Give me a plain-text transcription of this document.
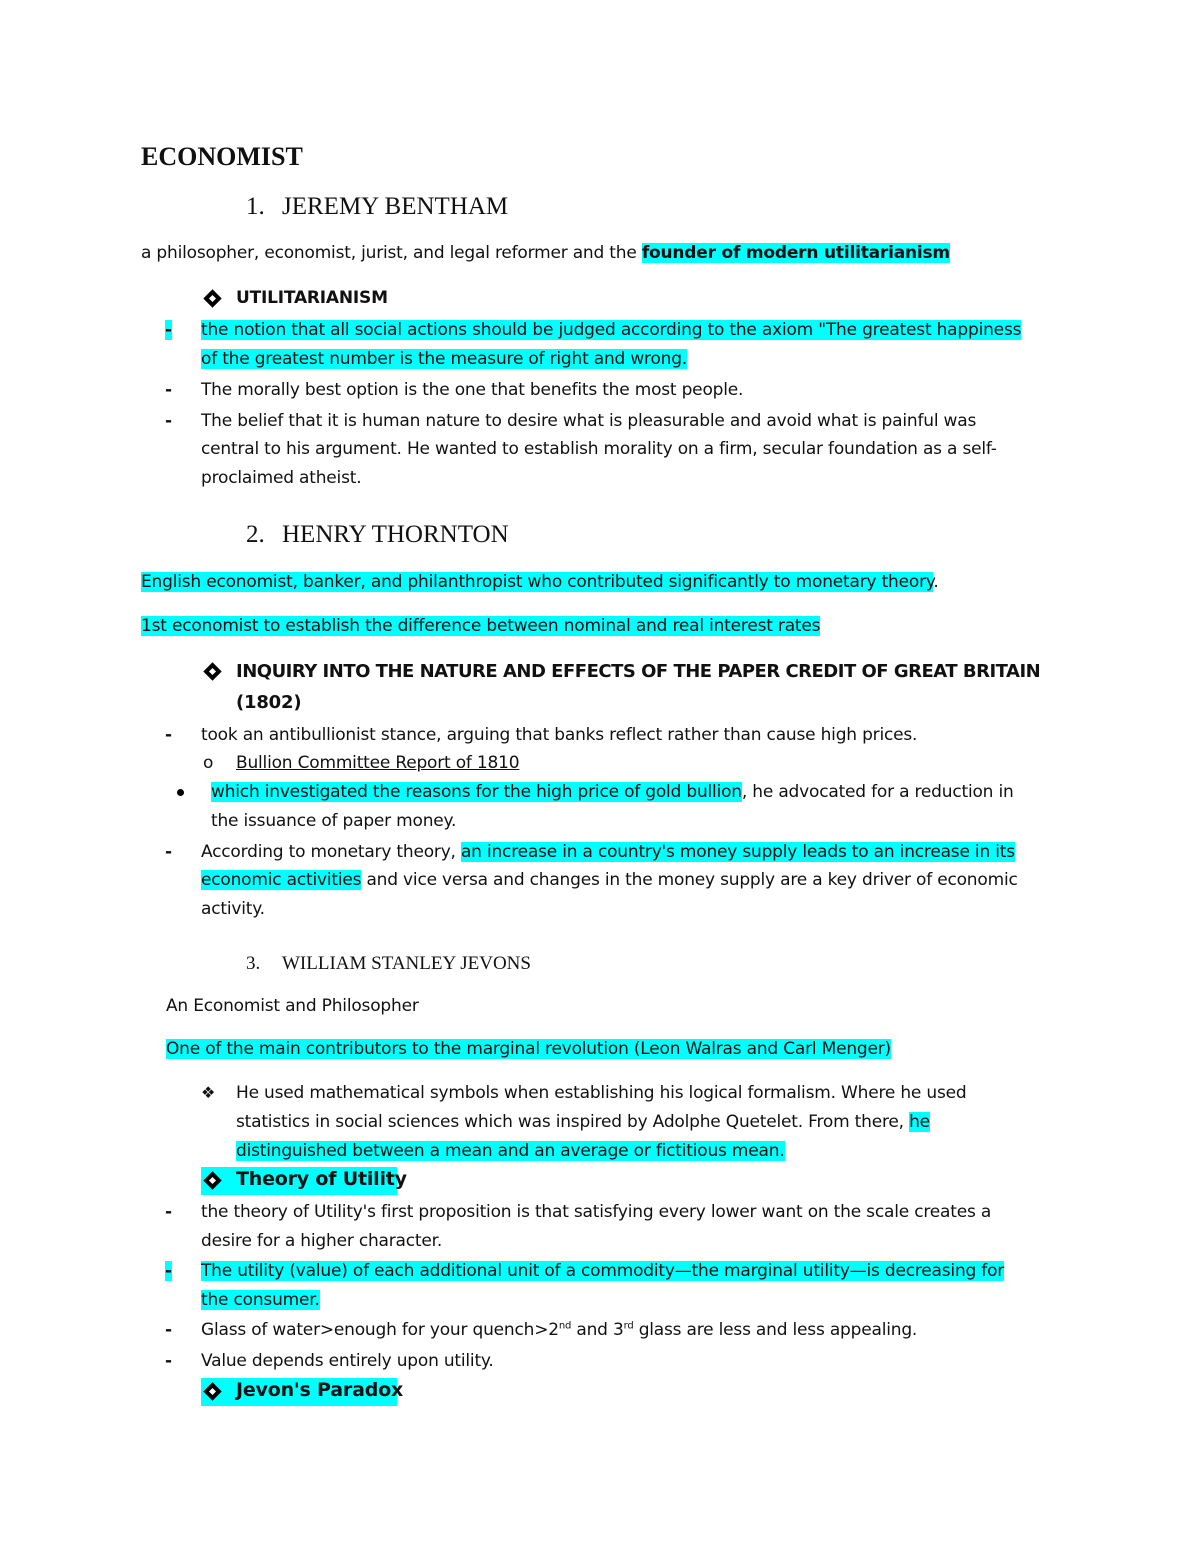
ECONOMIST
1. JEREMY BENTHAM
a philosopher, economist, jurist, and legal reformer and the founder of modern utilitarianism
UTILITARIANISM
- the notion that all social actions should be judged according to the axiom "The greatest happiness
of the greatest number is the measure of right and wrong.
- The morally best option is the one that benefits the most people.
- The belief that it is human nature to desire what is pleasurable and avoid what is painful was
central to his argument. He wanted to establish morality on a firm, secular foundation as a self-
proclaimed atheist.
2. HENRY THORNTON
English economist, banker, and philanthropist who contributed significantly to monetary theory.
1st economist to establish the difference between nominal and real interest rates
INQUIRY INTO THE NATURE AND EFFECTS OF THE PAPER CREDIT OF GREAT BRITAIN
(1802)
- took an antibullionist stance, arguing that banks reflect rather than cause high prices.
o Bullion Committee Report of 1810
which investigated the reasons for the high price of gold bullion, he advocated for a reduction in
the issuance of paper money.
- According to monetary theory, an increase in a country's money supply leads to an increase in its
economic activities and vice versa and changes in the money supply are a key driver of economic
activity.
3. WILLIAM STANLEY JEVONS
An Economist and Philosopher
One of the main contributors to the marginal revolution (Leon Walras and Carl Menger)
❖ He used mathematical symbols when establishing his logical formalism. Where he used
statistics in social sciences which was inspired by Adolphe Quetelet. From there, he
distinguished between a mean and an average or fictitious mean.
Theory of Utility
- the theory of Utility's first proposition is that satisfying every lower want on the scale creates a
desire for a higher character.
- The utility (value) of each additional unit of a commodity—the marginal utility—is decreasing for
the consumer.
- Glass of water>enough for your quench>2nd and 3rd glass are less and less appealing.
- Value depends entirely upon utility.
Jevon's Paradox
